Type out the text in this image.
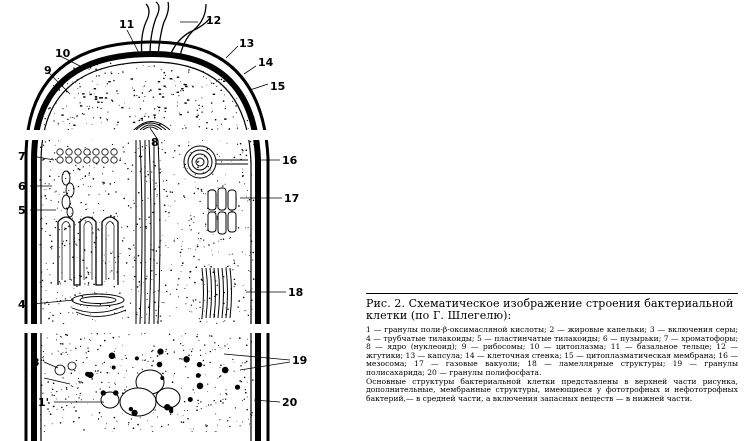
11	12
13
14
15
10
9
8
7
6
5
4
16
17
18
3
2
1'
19
20
1
Рис. 2. Схематическое изображение строения бактериальной клетки (по Г. Шлегелю):
1 — гранулы поли-β-оксимасляной кислоты; 2 — жировые капельки; 3 — включения серы; 4 — трубчатые тилакоиды; 5 — пластинчатые тилакоиды; 6 — пузырьки; 7 — хроматофоры; 8 — ядро (нуклеоид); 9 — рибосомы; 10 — цитоплазма; 11 — базальное тельце; 12 — жгутики; 13 — капсула; 14 — клеточная стенка; 15 — цитоплазматическая мембрана; 16 — мезосома; 17 — газовые вакуоли; 18 — ламеллярные структуры; 19 — гранулы полисахарида; 20 — гранулы полифосфата.
Основные структуры бактериальной клетки представлены в верхней части рисунка, дополнительные, мембранные структуры, имеющиеся у фототрофных и нефототрофных бактерий,— в средней части, а включения запасных веществ — в нижней части.
